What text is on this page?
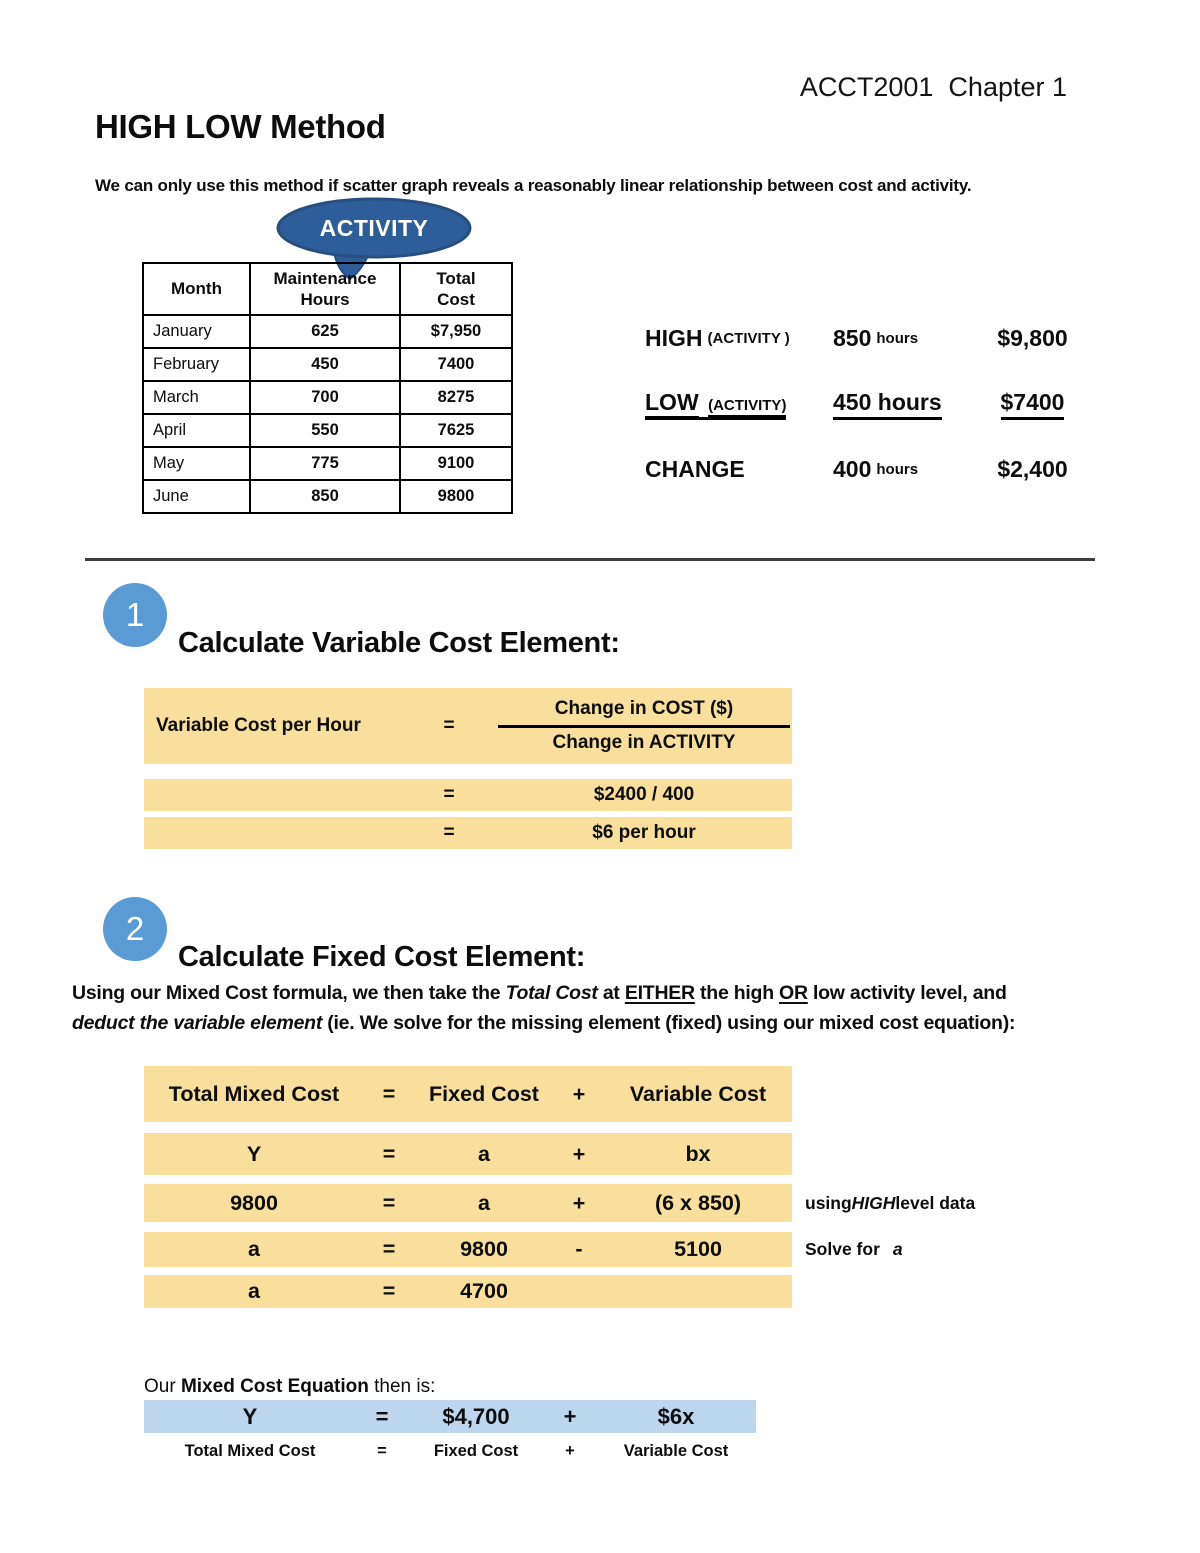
ACCT2001  Chapter 1
HIGH LOW Method
We can only use this method if scatter graph reveals a reasonably linear relationship between cost and activity.
ACTIVITY
Month	Maintenance Hours	Total Cost
January	625	$7,950
February	450	7400
March	700	8275
April	550	7625
May	775	9100
June	850	9800
HIGH (ACTIVITY ) 850 hours	$9,800
LOW (ACTIVITY) 450 hours	$7400
CHANGE	400 hours	$2,400
1
Calculate Variable Cost Element:
Variable Cost per Hour	=
Change in COST ($)
Change in ACTIVITY
=	$2400 / 400
=	$6 per hour
2
Calculate Fixed Cost Element:
Using our Mixed Cost formula, we then take the Total Cost at EITHER the high OR low activity level, and
deduct the variable element (ie. We solve for the missing element (fixed) using our mixed cost equation):
Total Mixed Cost	=	Fixed Cost	+	Variable Cost
Y	=	a	+	bx
9800	=	a	+	(6 x 850)
a	=	9800	-	5100
a	=	4700
using HIGH level data
Solve for a
Our Mixed Cost Equation then is:
Y	=	$4,700	+	$6x
Total Mixed Cost	=	Fixed Cost	+	Variable Cost
